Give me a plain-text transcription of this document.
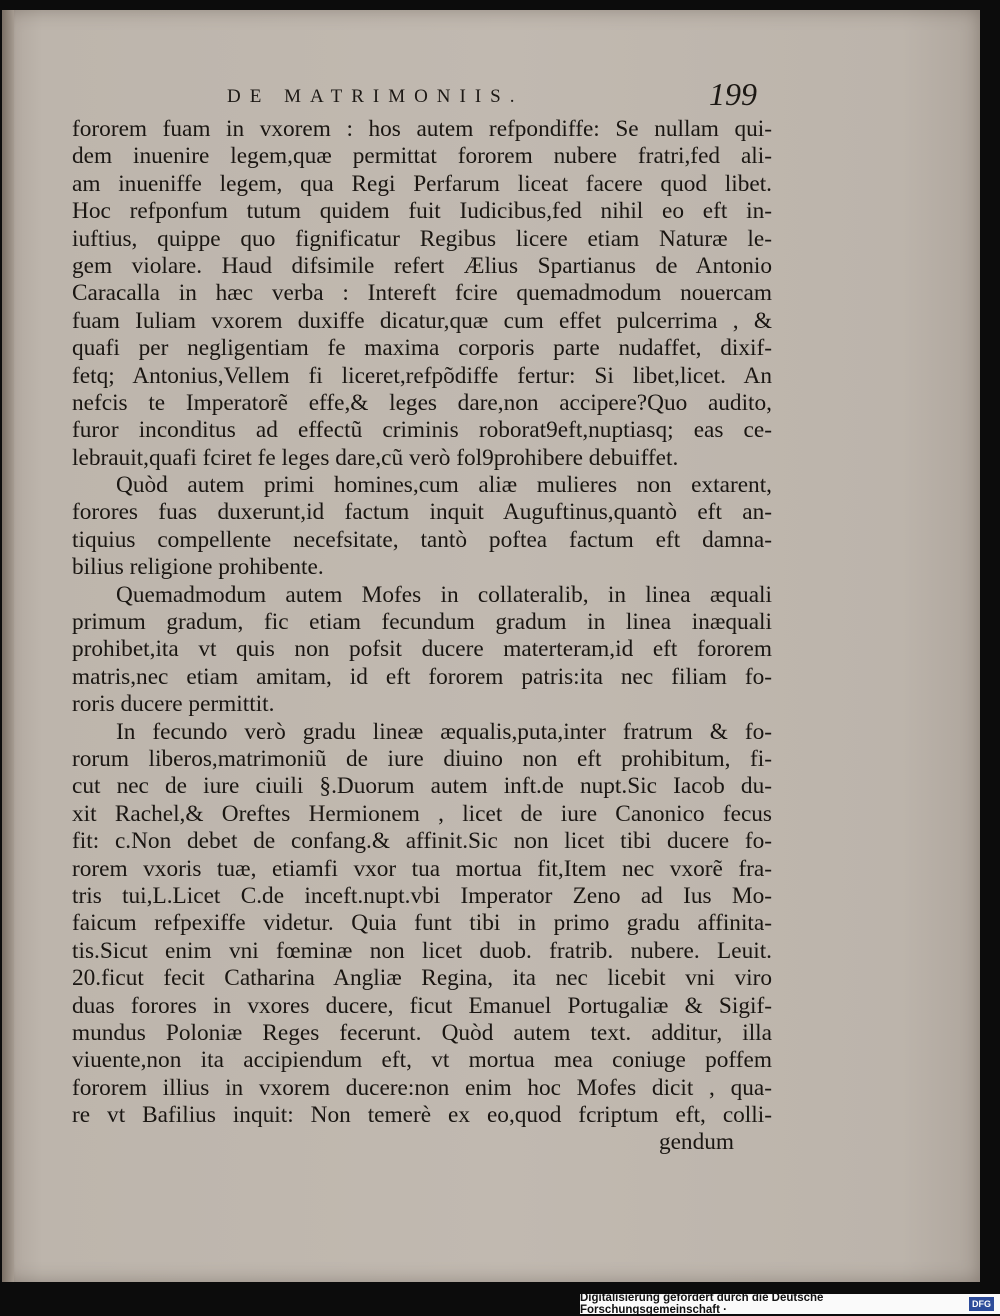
DE MATRIMONIIS.	199
fororem fuam in vxorem : hos autem refpondiffe: Se nullam qui-
dem inuenire legem,quæ permittat fororem nubere fratri,fed ali-
am inueniffe legem, qua Regi Perfarum liceat facere quod libet.
Hoc refponfum tutum quidem fuit Iudicibus,fed nihil eo eft in-
iuftius, quippe quo fignificatur Regibus licere etiam Naturæ le-
gem violare. Haud difsimile refert Ælius Spartianus de Antonio
Caracalla in hæc verba : Intereft fcire quemadmodum nouercam
fuam Iuliam vxorem duxiffe dicatur,quæ cum effet pulcerrima , &
quafi per negligentiam fe maxima corporis parte nudaffet, dixif-
fetq; Antonius,Vellem fi liceret,refpõdiffe fertur: Si libet,licet. An
nefcis te Imperatorẽ effe,& leges dare,non accipere?Quo audito,
furor inconditus ad effectũ criminis roborat9eft,nuptiasq; eas ce-
lebrauit,quafi fciret fe leges dare,cũ verò fol9prohibere debuiffet.
Quòd autem primi homines,cum aliæ mulieres non extarent,
forores fuas duxerunt,id factum inquit Auguftinus,quantò eft an-
tiquius compellente necefsitate, tantò poftea factum eft damna-
bilius religione prohibente.
Quemadmodum autem Mofes in collateralib, in linea æquali
primum gradum, fic etiam fecundum gradum in linea inæquali
prohibet,ita vt quis non pofsit ducere materteram,id eft fororem
matris,nec etiam amitam, id eft fororem patris:ita nec filiam fo-
roris ducere permittit.
In fecundo verò gradu lineæ æqualis,puta,inter fratrum & fo-
rorum liberos,matrimoniũ de iure diuino non eft prohibitum, fi-
cut nec de iure ciuili §.Duorum autem inft.de nupt.Sic Iacob du-
xit Rachel,& Oreftes Hermionem , licet de iure Canonico fecus
fit: c.Non debet de confang.& affinit.Sic non licet tibi ducere fo-
rorem vxoris tuæ, etiamfi vxor tua mortua fit,Item nec vxorẽ fra-
tris tui,L.Licet C.de inceft.nupt.vbi Imperator Zeno ad Ius Mo-
faicum refpexiffe videtur. Quia funt tibi in primo gradu affinita-
tis.Sicut enim vni fœminæ non licet duob. fratrib. nubere. Leuit.
20.ficut fecit Catharina Angliæ Regina, ita nec licebit vni viro
duas forores in vxores ducere, ficut Emanuel Portugaliæ & Sigif-
mundus Poloniæ Reges fecerunt. Quòd autem text. additur, illa
viuente,non ita accipiendum eft, vt mortua mea coniuge poffem
fororem illius in vxorem ducere:non enim hoc Mofes dicit , qua-
re vt Bafilius inquit: Non temerè ex eo,quod fcriptum eft, colli-
gendum
Digitalisierung gefördert durch die Deutsche Forschungsgemeinschaft ·	DFG
